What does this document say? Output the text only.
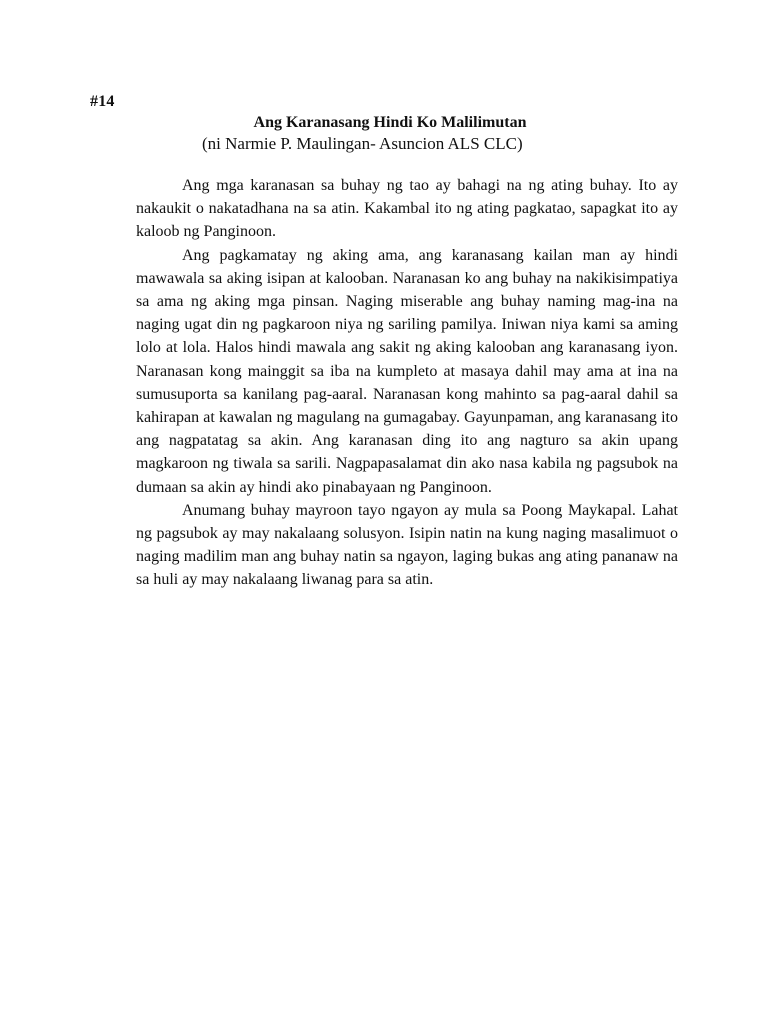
#14
Ang Karanasang Hindi Ko Malilimutan
(ni Narmie P. Maulingan- Asuncion ALS CLC)

Ang mga karanasan sa buhay ng tao ay bahagi na ng ating buhay. Ito ay nakaukit o nakatadhana na sa atin. Kakambal ito ng ating pagkatao, sapagkat ito ay kaloob ng Panginoon.

Ang pagkamatay ng aking ama, ang karanasang kailan man ay hindi mawawala sa aking isipan at kalooban. Naranasan ko ang buhay na nakikisimpatiya sa ama ng aking mga pinsan. Naging miserable ang buhay naming mag-ina na naging ugat din ng pagkaroon niya ng sariling pamilya. Iniwan niya kami sa aming lolo at lola. Halos hindi mawala ang sakit ng aking kalooban ang karanasang iyon. Naranasan kong mainggit sa iba na kumpleto at masaya dahil may ama at ina na sumusuporta sa kanilang pag-aaral. Naranasan kong mahinto sa pag-aaral dahil sa kahirapan at kawalan ng magulang na gumagabay. Gayunpaman, ang karanasang ito ang nagpatatag sa akin. Ang karanasan ding ito ang nagturo sa akin upang magkaroon ng tiwala sa sarili. Nagpapasalamat din ako nasa kabila ng pagsubok na dumaan sa akin ay hindi ako pinabayaan ng Panginoon.

Anumang buhay mayroon tayo ngayon ay mula sa Poong Maykapal. Lahat ng pagsubok ay may nakalaang solusyon. Isipin natin na kung naging masalimuot o naging madilim man ang buhay natin sa ngayon, laging bukas ang ating pananaw na sa huli ay may nakalaang liwanag para sa atin.
